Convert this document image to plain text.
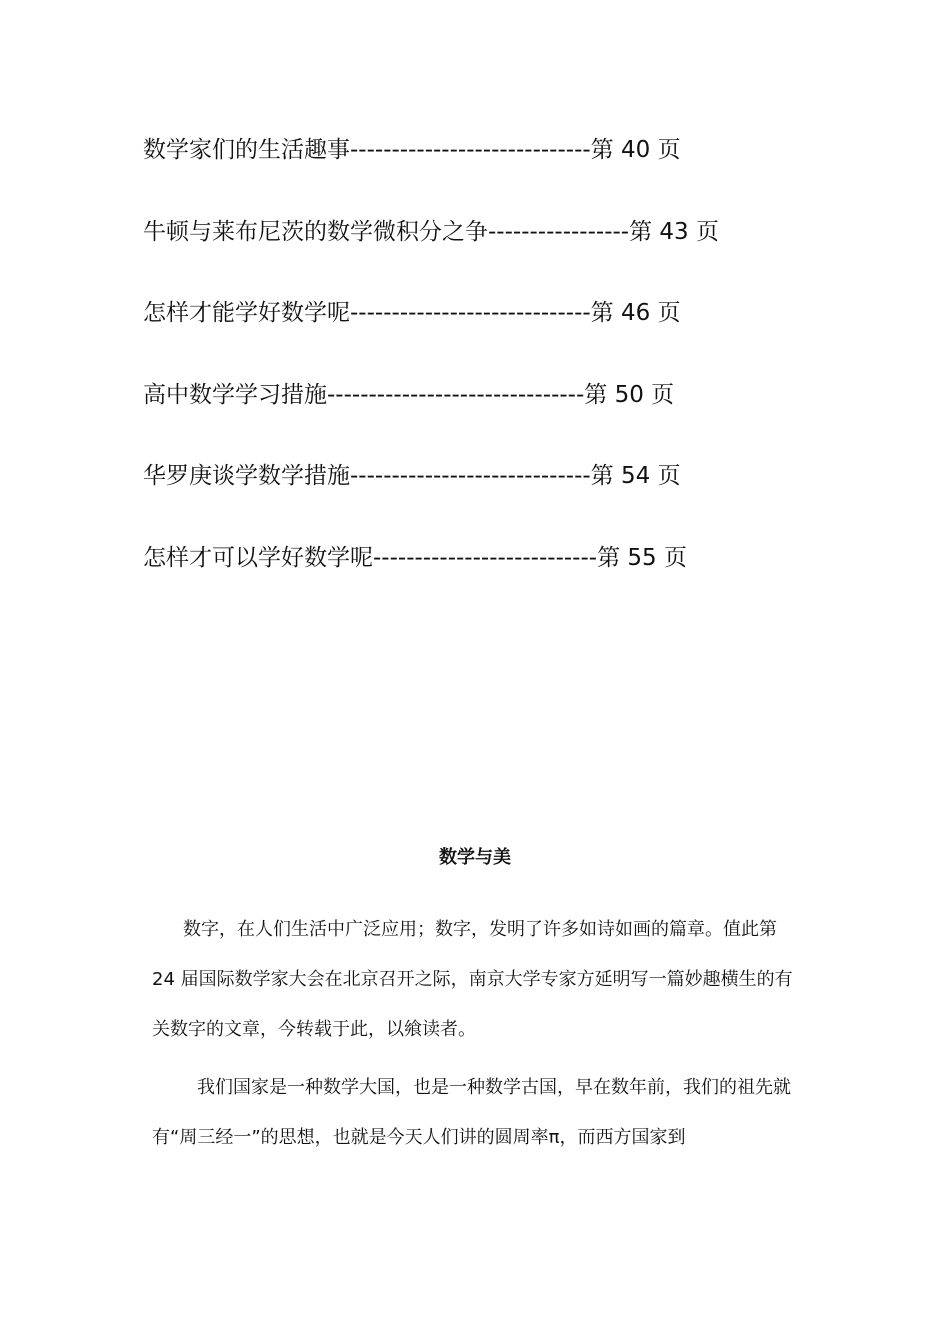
数学家们的生活趣事-----------------------------第 40 页
牛顿与莱布尼茨的数学微积分之争-----------------第 43 页
怎样才能学好数学呢-----------------------------第 46 页
高中数学学习措施-------------------------------第 50 页
华罗庚谈学数学措施-----------------------------第 54 页
怎样才可以学好数学呢---------------------------第 55 页
数学与美

数字，在人们生活中广泛应用；数字，发明了许多如诗如画的篇章。值此第 24 届国际数学家大会在北京召开之际，南京大学专家方延明写一篇妙趣横生的有关数字的文章，今转载于此，以飨读者。

我们国家是一种数学大国，也是一种数学古国，早在数年前，我们的祖先就有“周三经一”的思想，也就是今天人们讲的圆周率π，而西方国家到
